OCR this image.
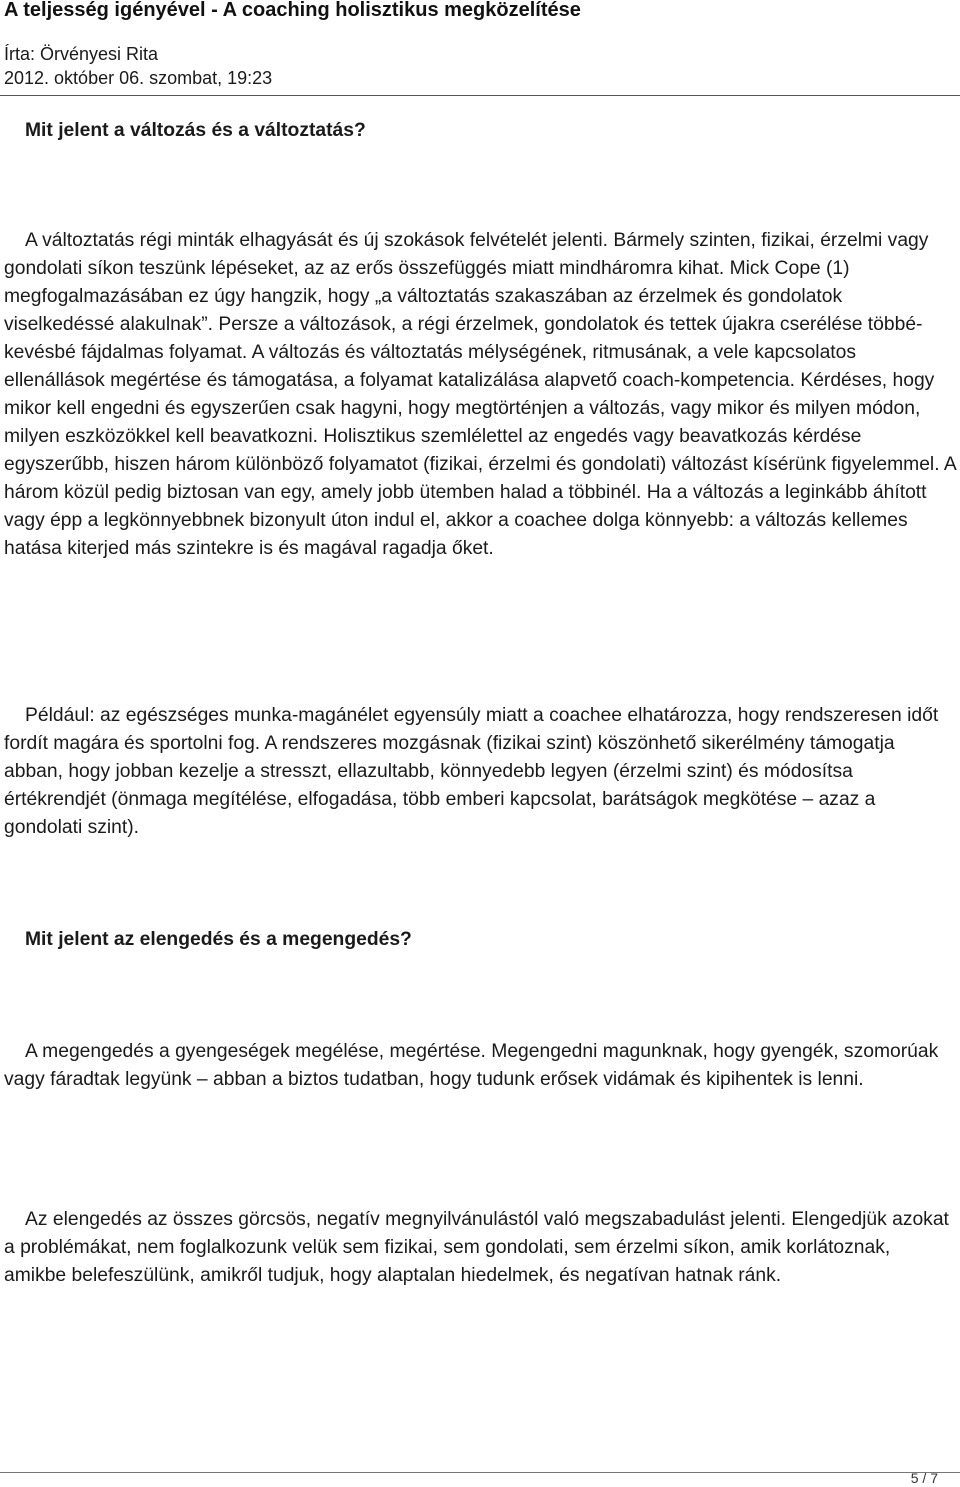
A teljesség igényével - A coaching holisztikus megközelítése
Írta: Örvényesi Rita
2012. október 06. szombat, 19:23

Mit jelent a változás és a változtatás?

A változtatás régi minták elhagyását és új szokások felvételét jelenti. Bármely szinten, fizikai, érzelmi vagy gondolati síkon teszünk lépéseket, az az erős összefüggés miatt mindháromra kihat. Mick Cope (1) megfogalmazásában ez úgy hangzik, hogy „a változtatás szakaszában az érzelmek és gondolatok viselkedéssé alakulnak”. Persze a változások, a régi érzelmek, gondolatok és tettek újakra cserélése többé-kevésbé fájdalmas folyamat. A változás és változtatás mélységének, ritmusának, a vele kapcsolatos ellenállások megértése és támogatása, a folyamat katalizálása alapvető coach-kompetencia. Kérdéses, hogy mikor kell engedni és egyszerűen csak hagyni, hogy megtörténjen a változás, vagy mikor és milyen módon, milyen eszközökkel kell beavatkozni. Holisztikus szemlélettel az engedés vagy beavatkozás kérdése egyszerűbb, hiszen három különböző folyamatot (fizikai, érzelmi és gondolati) változást kísérünk figyelemmel. A három közül pedig biztosan van egy, amely jobb ütemben halad a többinél. Ha a változás a leginkább áhított vagy épp a legkönnyebbnek bizonyult úton indul el, akkor a coachee dolga könnyebb: a változás kellemes hatása kiterjed más szintekre is és magával ragadja őket.

Például: az egészséges munka-magánélet egyensúly miatt a coachee elhatározza, hogy rendszeresen időt fordít magára és sportolni fog. A rendszeres mozgásnak (fizikai szint) köszönhető sikerélmény támogatja abban, hogy jobban kezelje a stresszt, ellazultabb, könnyedebb legyen (érzelmi szint) és módosítsa értékrendjét (önmaga megítélése, elfogadása, több emberi kapcsolat, barátságok megkötése – azaz a gondolati szint).

Mit jelent az elengedés és a megengedés?

A megengedés a gyengeségek megélése, megértése. Megengedni magunknak, hogy gyengék, szomorúak vagy fáradtak legyünk – abban a biztos tudatban, hogy tudunk erősek vidámak és kipihentek is lenni.

Az elengedés az összes görcsös, negatív megnyilvánulástól való megszabadulást jelenti. Elengedjük azokat a problémákat, nem foglalkozunk velük sem fizikai, sem gondolati, sem érzelmi síkon, amik korlátoznak, amikbe belefeszülünk, amikről tudjuk, hogy alaptalan hiedelmek, és negatívan hatnak ránk.

5 / 7
